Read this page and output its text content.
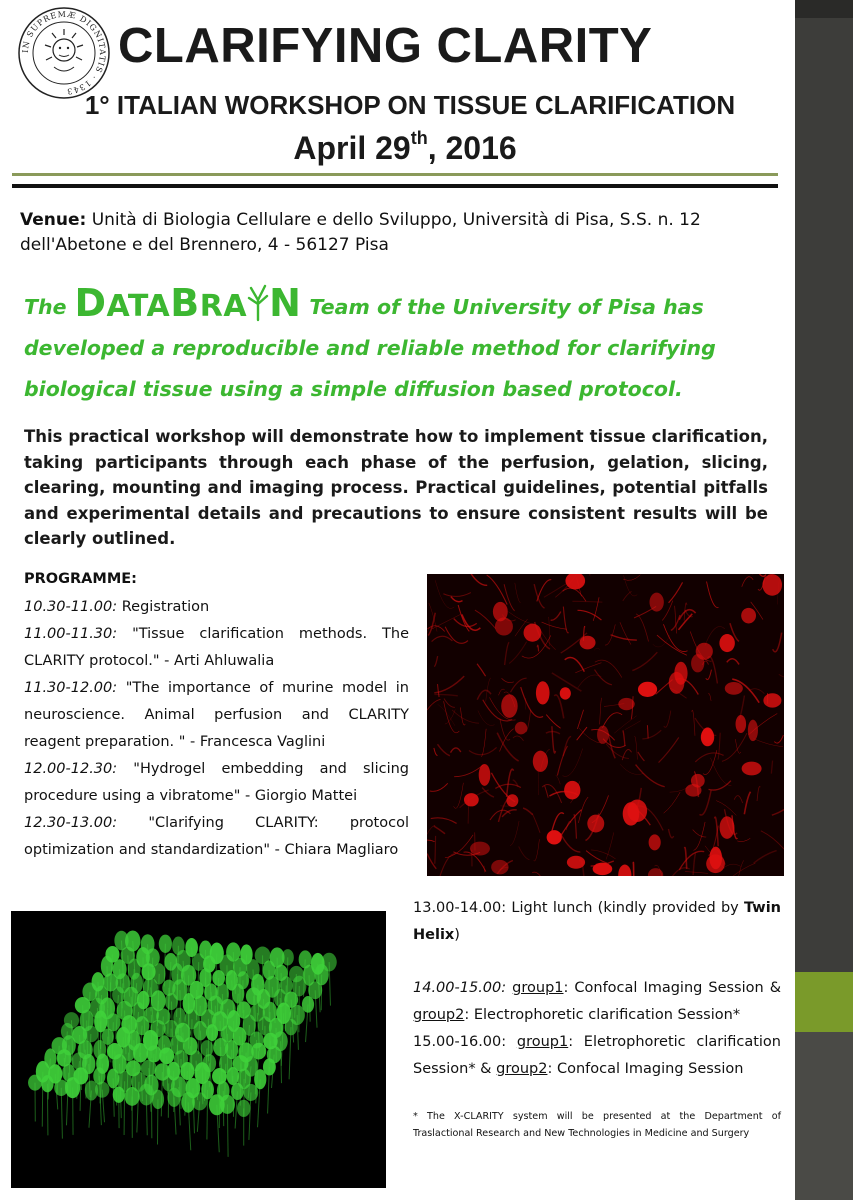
IN SUPREMÆ DIGNITATIS · 1343
CLARIFYING CLARITY
1° ITALIAN WORKSHOP ON TISSUE CLARIFICATION
April 29th, 2016
Venue: Unità di Biologia Cellulare e dello Sviluppo, Università di Pisa, S.S. n. 12 dell'Abetone e del Brennero, 4 - 56127 Pisa
The DATABRA N Team of the University of Pisa has developed a reproducible and reliable method for clarifying biological tissue using a simple diffusion based protocol.
This practical workshop will demonstrate how to implement tissue clarification, taking participants through each phase of the perfusion, gelation, slicing, clearing, mounting and imaging process. Practical guidelines, potential pitfalls and experimental details and precautions to ensure consistent results will be clearly outlined.
PROGRAMME:

10.30-11.00: Registration

11.00-11.30: "Tissue clarification methods. The CLARITY protocol." - Arti Ahluwalia

11.30-12.00: "The importance of murine model in neuroscience. Animal perfusion and CLARITY reagent preparation. " - Francesca Vaglini

12.00-12.30: "Hydrogel embedding and slicing procedure using a vibratome" - Giorgio Mattei

12.30-13.00: "Clarifying CLARITY: protocol optimization and standardization" - Chiara Magliaro

13.00-14.00: Light lunch (kindly provided by Twin Helix)

14.00-15.00: group1: Confocal Imaging Session & group2: Electrophoretic clarification Session*

15.00-16.00: group1: Eletrophoretic clarification Session* & group2: Confocal Imaging Session

* The X-CLARITY system will be presented at the Department of Traslactional Research and New Technologies in Medicine and Surgery
